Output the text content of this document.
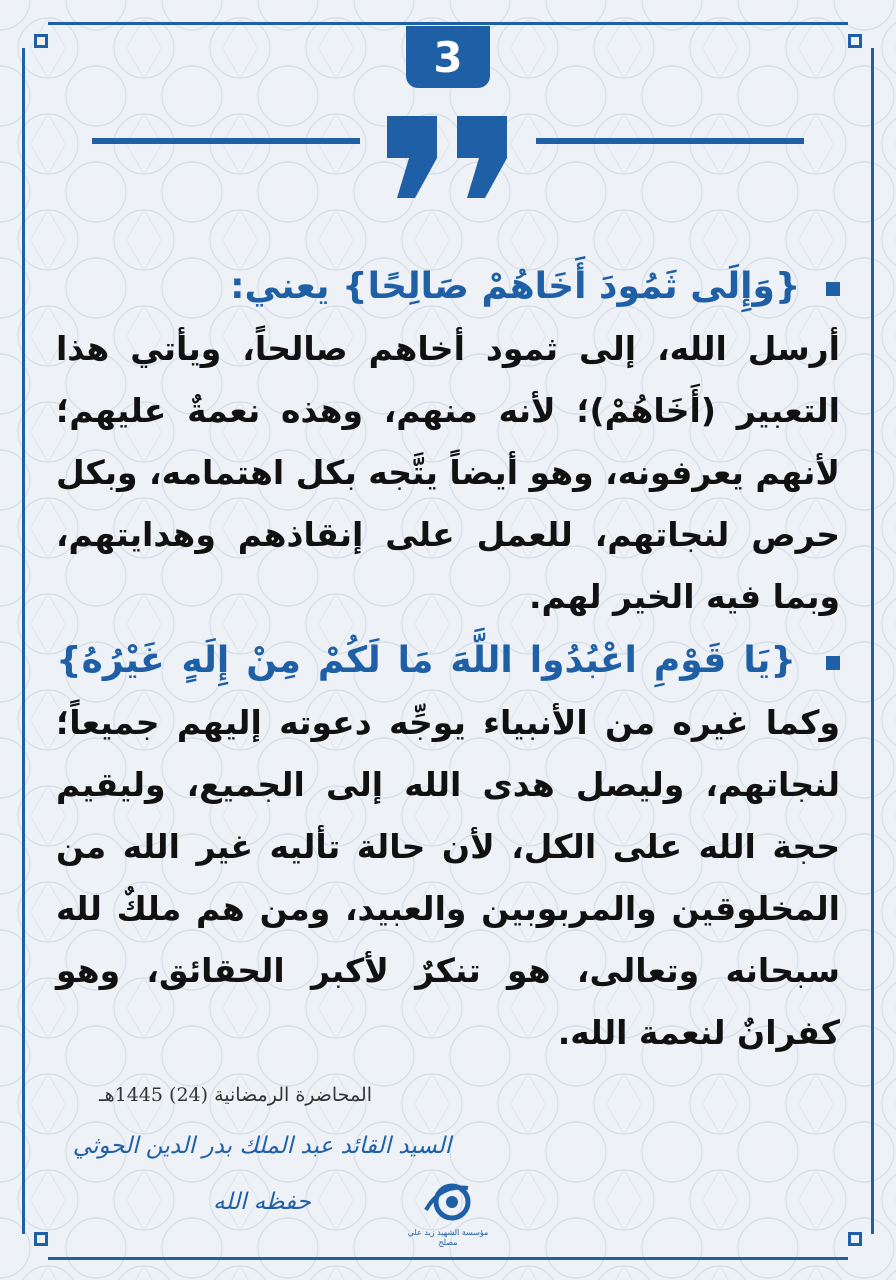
3
{وَإِلَى ثَمُودَ أَخَاهُمْ صَالِحًا} يعني:
أرسل الله، إلى ثمود أخاهم صالحاً، ويأتي هذا التعبير (أَخَاهُمْ)؛ لأنه منهم، وهذه نعمةٌ عليهم؛ لأنهم يعرفونه، وهو أيضاً يتَّجه بكل اهتمامه، وبكل حرص لنجاتهم، للعمل على إنقاذهم وهدايتهم، وبما فيه الخير لهم.
{يَا قَوْمِ اعْبُدُوا اللَّهَ مَا لَكُمْ مِنْ إِلَهٍ غَيْرُهُ} وكما غيره من الأنبياء يوجِّه دعوته إليهم جميعاً؛ لنجاتهم، وليصل هدى الله إلى الجميع، وليقيم حجة الله على الكل، لأن حالة تأليه غير الله من المخلوقين والمربوبين والعبيد، ومن هم ملكٌ لله سبحانه وتعالى، هو تنكرٌ لأكبر الحقائق، وهو كفرانٌ لنعمة الله.
المحاضرة الرمضانية (24) 1445هـ
السيد القائد عبد الملك بدر الدين الحوثي حفظه الله
مؤسسة الشهيد زيد علي مصلح
